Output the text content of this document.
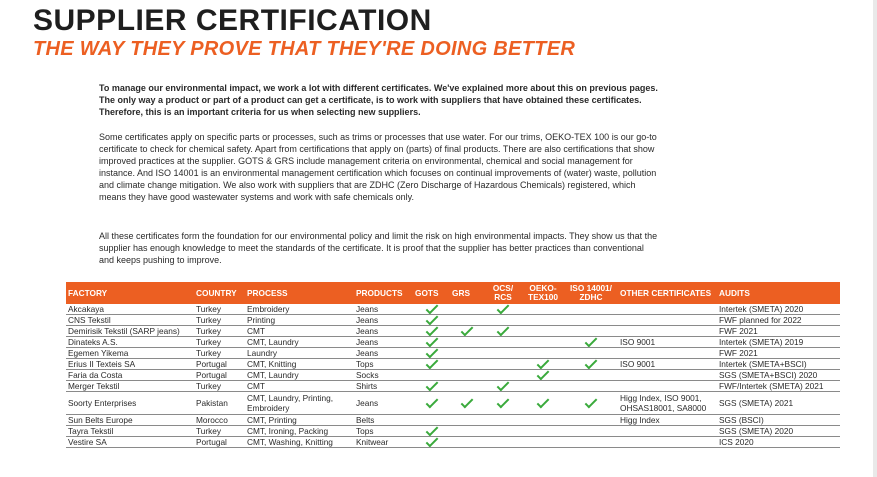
SUPPLIER CERTIFICATION
THE WAY THEY PROVE THAT THEY'RE DOING BETTER

To manage our environmental impact, we work a lot with different certificates. We've explained more about this on previous pages. The only way a product or part of a product can get a certificate, is to work with suppliers that have obtained these certificates. Therefore, this is an important criteria for us when selecting new suppliers.

Some certificates apply on specific parts or processes, such as trims or processes that use water. For our trims, OEKO-TEX 100 is our go-to certificate to check for chemical safety. Apart from certifications that apply on (parts) of final products. There are also certifications that show improved practices at the supplier. GOTS & GRS include management criteria on environmental, chemical and social management for instance. And ISO 14001 is an environmental management certification which focuses on continual improvements of (water) waste, pollution and climate change mitigation. We also work with suppliers that are ZDHC (Zero Discharge of Hazardous Chemicals) registered, which means they have good wastewater systems and work with safe chemicals only.

All these certificates form the foundation for our environmental policy and limit the risk on high environmental impacts. They show us that the supplier has enough knowledge to meet the standards of the certificate. It is proof that the supplier has better practices than conventional and keeps pushing to improve.

FACTORY	COUNTRY	PROCESS	PRODUCTS	GOTS	GRS	OCS/ RCS	OEKO- TEX100	ISO 14001/ ZDHC	OTHER CERTIFICATES	AUDITS
Akcakaya	Turkey	Embroidery	Jeans							Intertek (SMETA) 2020
CNS Tekstil	Turkey	Printing	Jeans							FWF planned for 2022
Demirisik Tekstil (SARP jeans)	Turkey	CMT	Jeans							FWF 2021
Dinateks A.S.	Turkey	CMT, Laundry	Jeans						ISO 9001	Intertek (SMETA) 2019
Egemen Yikema	Turkey	Laundry	Jeans							FWF 2021
Erius II Texteis SA	Portugal	CMT, Knitting	Tops						ISO 9001	Intertek (SMETA+BSCI)
Faria da Costa	Portugal	CMT, Laundry	Socks							SGS (SMETA+BSCI) 2020
Merger Tekstil	Turkey	CMT	Shirts							FWF/Intertek (SMETA) 2021
Soorty Enterprises	Pakistan	CMT, Laundry, Printing, Embroidery	Jeans						Higg Index, ISO 9001, OHSAS18001, SA8000	SGS (SMETA) 2021
Sun Belts Europe	Morocco	CMT, Printing	Belts						Higg Index	SGS (BSCI)
Tayra Tekstil	Turkey	CMT, Ironing, Packing	Tops							SGS (SMETA) 2020
Vestire SA	Portugal	CMT, Washing, Knitting	Knitwear							ICS 2020
